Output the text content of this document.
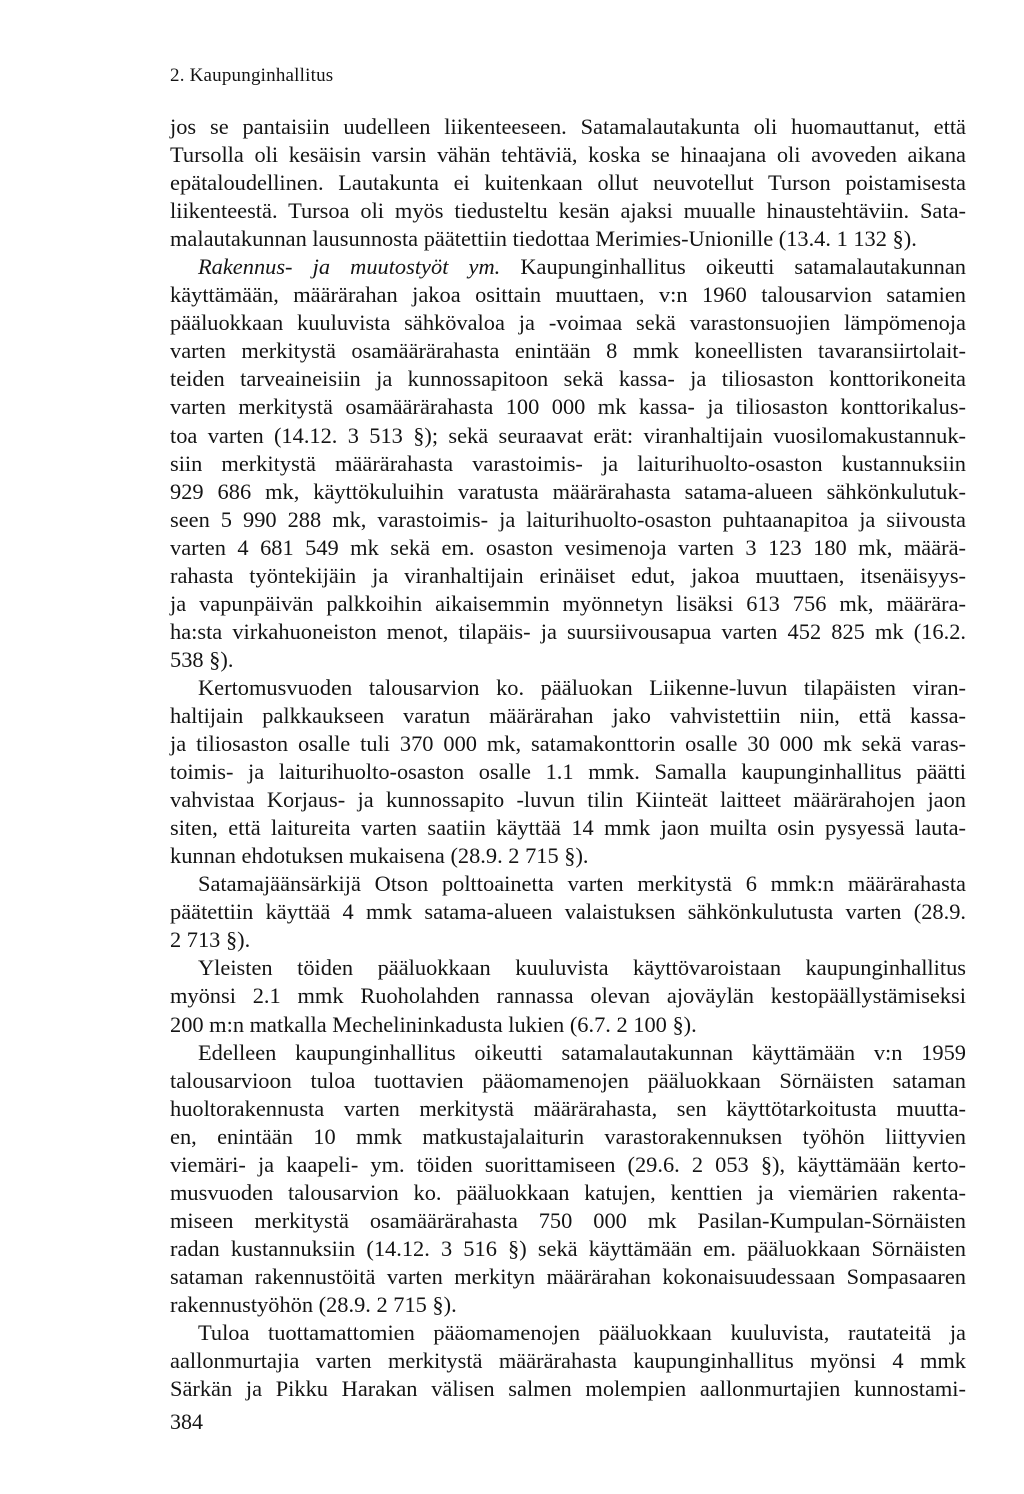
2. Kaupunginhallitus
jos se pantaisiin uudelleen liikenteeseen. Satamalautakunta oli huomauttanut, että
Tursolla oli kesäisin varsin vähän tehtäviä, koska se hinaajana oli avoveden aikana
epätaloudellinen. Lautakunta ei kuitenkaan ollut neuvotellut Turson poistamisesta
liikenteestä. Tursoa oli myös tiedusteltu kesän ajaksi muualle hinaustehtäviin. Sata-
malautakunnan lausunnosta päätettiin tiedottaa Merimies-Unionille (13.4. 1 132 §).
Rakennus- ja muutostyöt ym. Kaupunginhallitus oikeutti satamalautakunnan
käyttämään, määrärahan jakoa osittain muuttaen, v:n 1960 talousarvion satamien
pääluokkaan kuuluvista sähkövaloa ja -voimaa sekä varastonsuojien lämpömenoja
varten merkitystä osamäärärahasta enintään 8 mmk koneellisten tavaransiirtolait-
teiden tarveaineisiin ja kunnossapitoon sekä kassa- ja tiliosaston konttorikoneita
varten merkitystä osamäärärahasta 100 000 mk kassa- ja tiliosaston konttorikalus-
toa varten (14.12. 3 513 §); sekä seuraavat erät: viranhaltijain vuosilomakustannuk-
siin merkitystä määrärahasta varastoimis- ja laiturihuolto-osaston kustannuksiin
929 686 mk, käyttökuluihin varatusta määrärahasta satama-alueen sähkönkulutuk-
seen 5 990 288 mk, varastoimis- ja laiturihuolto-osaston puhtaanapitoa ja siivousta
varten 4 681 549 mk sekä em. osaston vesimenoja varten 3 123 180 mk, määrä-
rahasta työntekijäin ja viranhaltijain erinäiset edut, jakoa muuttaen, itsenäisyys-
ja vapunpäivän palkkoihin aikaisemmin myönnetyn lisäksi 613 756 mk, määrära-
ha:sta virkahuoneiston menot, tilapäis- ja suursiivousapua varten 452 825 mk (16.2.
538 §).
Kertomusvuoden talousarvion ko. pääluokan Liikenne-luvun tilapäisten viran-
haltijain palkkaukseen varatun määrärahan jako vahvistettiin niin, että kassa-
ja tiliosaston osalle tuli 370 000 mk, satamakonttorin osalle 30 000 mk sekä varas-
toimis- ja laiturihuolto-osaston osalle 1.1 mmk. Samalla kaupunginhallitus päätti
vahvistaa Korjaus- ja kunnossapito -luvun tilin Kiinteät laitteet määrärahojen jaon
siten, että laitureita varten saatiin käyttää 14 mmk jaon muilta osin pysyessä lauta-
kunnan ehdotuksen mukaisena (28.9. 2 715 §).
Satamajäänsärkijä Otson polttoainetta varten merkitystä 6 mmk:n määrärahasta
päätettiin käyttää 4 mmk satama-alueen valaistuksen sähkönkulutusta varten (28.9.
2 713 §).
Yleisten töiden pääluokkaan kuuluvista käyttövaroistaan kaupunginhallitus
myönsi 2.1 mmk Ruoholahden rannassa olevan ajoväylän kestopäällystämiseksi
200 m:n matkalla Mechelininkadusta lukien (6.7. 2 100 §).
Edelleen kaupunginhallitus oikeutti satamalautakunnan käyttämään v:n 1959
talousarvioon tuloa tuottavien pääomamenojen pääluokkaan Sörnäisten sataman
huoltorakennusta varten merkitystä määrärahasta, sen käyttötarkoitusta muutta-
en, enintään 10 mmk matkustajalaiturin varastorakennuksen työhön liittyvien
viemäri- ja kaapeli- ym. töiden suorittamiseen (29.6. 2 053 §), käyttämään kerto-
musvuoden talousarvion ko. pääluokkaan katujen, kenttien ja viemärien rakenta-
miseen merkitystä osamäärärahasta 750 000 mk Pasilan-Kumpulan-Sörnäisten
radan kustannuksiin (14.12. 3 516 §) sekä käyttämään em. pääluokkaan Sörnäisten
sataman rakennustöitä varten merkityn määrärahan kokonaisuudessaan Sompasaaren
rakennustyöhön (28.9. 2 715 §).
Tuloa tuottamattomien pääomamenojen pääluokkaan kuuluvista, rautateitä ja
aallonmurtajia varten merkitystä määrärahasta kaupunginhallitus myönsi 4 mmk
Särkän ja Pikku Harakan välisen salmen molempien aallonmurtajien kunnostami-
384
